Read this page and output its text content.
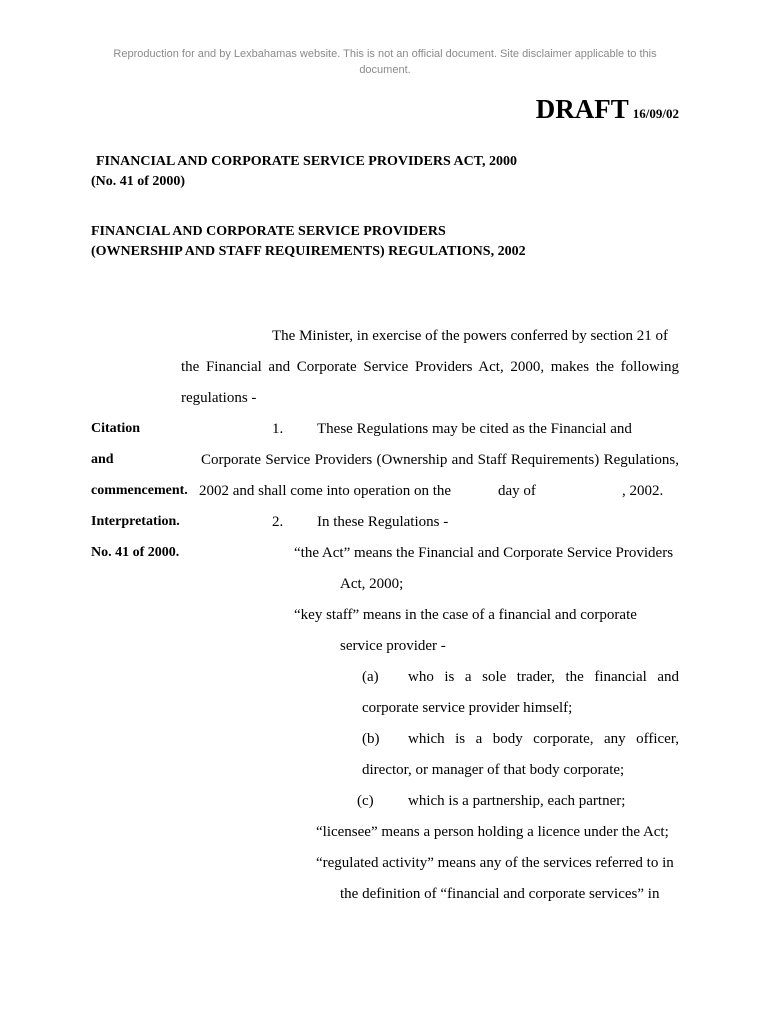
Reproduction for and by Lexbahamas website. This is not an official document. Site disclaimer applicable to this
document.
DRAFT 16/09/02
FINANCIAL AND CORPORATE SERVICE PROVIDERS ACT, 2000
(No. 41 of 2000)
FINANCIAL AND CORPORATE SERVICE PROVIDERS
(OWNERSHIP AND STAFF REQUIREMENTS) REGULATIONS, 2002
The Minister, in exercise of the powers conferred by section 21 of
the Financial and Corporate Service Providers Act, 2000, makes the following
regulations -
Citation
and
commencement.
Interpretation.
No. 41 of 2000.
1. These Regulations may be cited as the Financial and
Corporate Service Providers (Ownership and Staff Requirements) Regulations,
2002 and shall come into operation on the	day of	, 2002.
2. In these Regulations -
“the Act” means the Financial and Corporate Service Providers
Act, 2000;
“key staff” means in the case of a financial and corporate
service provider -
(a) who is a sole trader, the financial and
corporate service provider himself;
(b) which is a body corporate, any officer,
director, or manager of that body corporate;
(c) which is a partnership, each partner;
“licensee” means a person holding a licence under the Act;
“regulated activity” means any of the services referred to in
the definition of “financial and corporate services” in
